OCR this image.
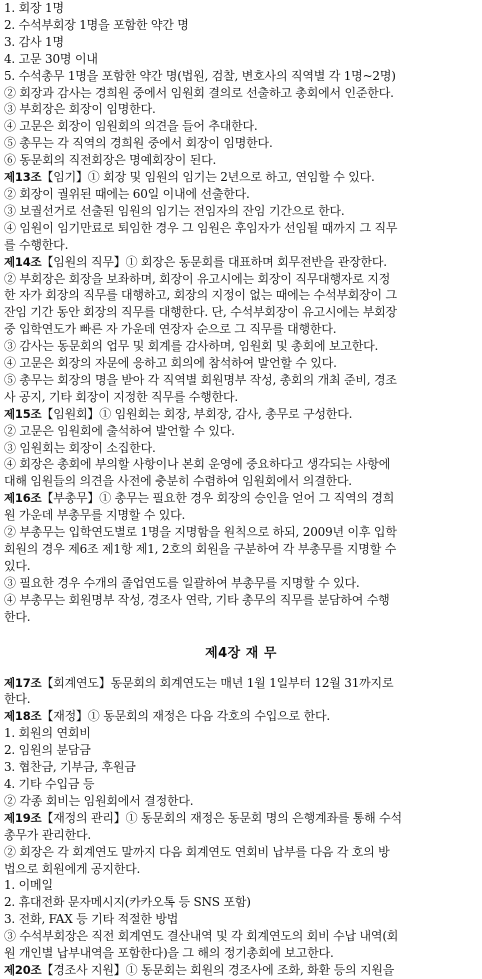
1. 회장 1명
2. 수석부회장 1명을 포함한 약간 명
3. 감사 1명
4. 고문 30명 이내
5. 수석총무 1명을 포함한 약간 명(법원, 검찰, 변호사의 직역별 각 1명~2명)
② 회장과 감사는 경희원 중에서 임원회 결의로 선출하고 총회에서 인준한다.
③ 부회장은 회장이 임명한다.
④ 고문은 회장이 임원회의 의견을 들어 추대한다.
⑤ 총무는 각 직역의 경희원 중에서 회장이 임명한다.
⑥ 동문회의 직전회장은 명예회장이 된다.
제13조【임기】① 회장 및 임원의 임기는 2년으로 하고, 연임할 수 있다.
② 회장이 궐위된 때에는 60일 이내에 선출한다.
③ 보궐선거로 선출된 임원의 임기는 전임자의 잔임 기간으로 한다.
④ 임원이 임기만료로 퇴임한 경우 그 임원은 후임자가 선임될 때까지 그 직무
를 수행한다.
제14조【임원의 직무】① 회장은 동문회를 대표하며 회무전반을 관장한다.
② 부회장은 회장을 보좌하며, 회장이 유고시에는 회장이 직무대행자로 지정
한 자가 회장의 직무를 대행하고, 회장의 지정이 없는 때에는 수석부회장이 그
잔임 기간 동안 회장의 직무를 대행한다. 단, 수석부회장이 유고시에는 부회장
중 입학연도가 빠른 자 가운데 연장자 순으로 그 직무를 대행한다.
③ 감사는 동문회의 업무 및 회계를 감사하며, 임원회 및 총회에 보고한다.
④ 고문은 회장의 자문에 응하고 회의에 참석하여 발언할 수 있다.
⑤ 총무는 회장의 명을 받아 각 직역별 회원명부 작성, 총회의 개최 준비, 경조
사 공지, 기타 회장이 지정한 직무를 수행한다.
제15조【임원회】① 임원회는 회장, 부회장, 감사, 총무로 구성한다.
② 고문은 임원회에 출석하여 발언할 수 있다.
③ 임원회는 회장이 소집한다.
④ 회장은 총회에 부의할 사항이나 본회 운영에 중요하다고 생각되는 사항에
대해 임원들의 의견을 사전에 충분히 수렴하여 임원회에서 의결한다.
제16조【부총무】① 총무는 필요한 경우 회장의 승인을 얻어 그 직역의 경희
원 가운데 부총무를 지명할 수 있다.
② 부총무는 입학연도별로 1명을 지명함을 원칙으로 하되, 2009년 이후 입학
회원의 경우 제6조 제1항 제1, 2호의 회원을 구분하여 각 부총무를 지명할 수
있다.
③ 필요한 경우 수개의 졸업연도를 일괄하여 부총무를 지명할 수 있다.
④ 부총무는 회원명부 작성, 경조사 연락, 기타 총무의 직무를 분담하여 수행
한다.
제4장 재 무
제17조【회계연도】동문회의 회계연도는 매년 1월 1일부터 12월 31까지로
한다.
제18조【재정】① 동문회의 재정은 다음 각호의 수입으로 한다.
1. 회원의 연회비
2. 임원의 분담금
3. 협찬금, 기부금, 후원금
4. 기타 수입금 등
② 각종 회비는 임원회에서 결정한다.
제19조【재정의 관리】① 동문회의 재정은 동문회 명의 은행계좌를 통해 수석
총무가 관리한다.
② 회장은 각 회계연도 말까지 다음 회계연도 연회비 납부를 다음 각 호의 방
법으로 회원에게 공지한다.
1. 이메일
2. 휴대전화 문자메시지(카카오톡 등 SNS 포함)
3. 전화, FAX 등 기타 적절한 방법
③ 수석부회장은 직전 회계연도 결산내역 및 각 회계연도의 회비 수납 내역(회
원 개인별 납부내역을 포함한다)을 그 해의 정기총회에 보고한다.
제20조【경조사 지원】① 동문회는 회원의 경조사에 조화, 화환 등의 지원을
